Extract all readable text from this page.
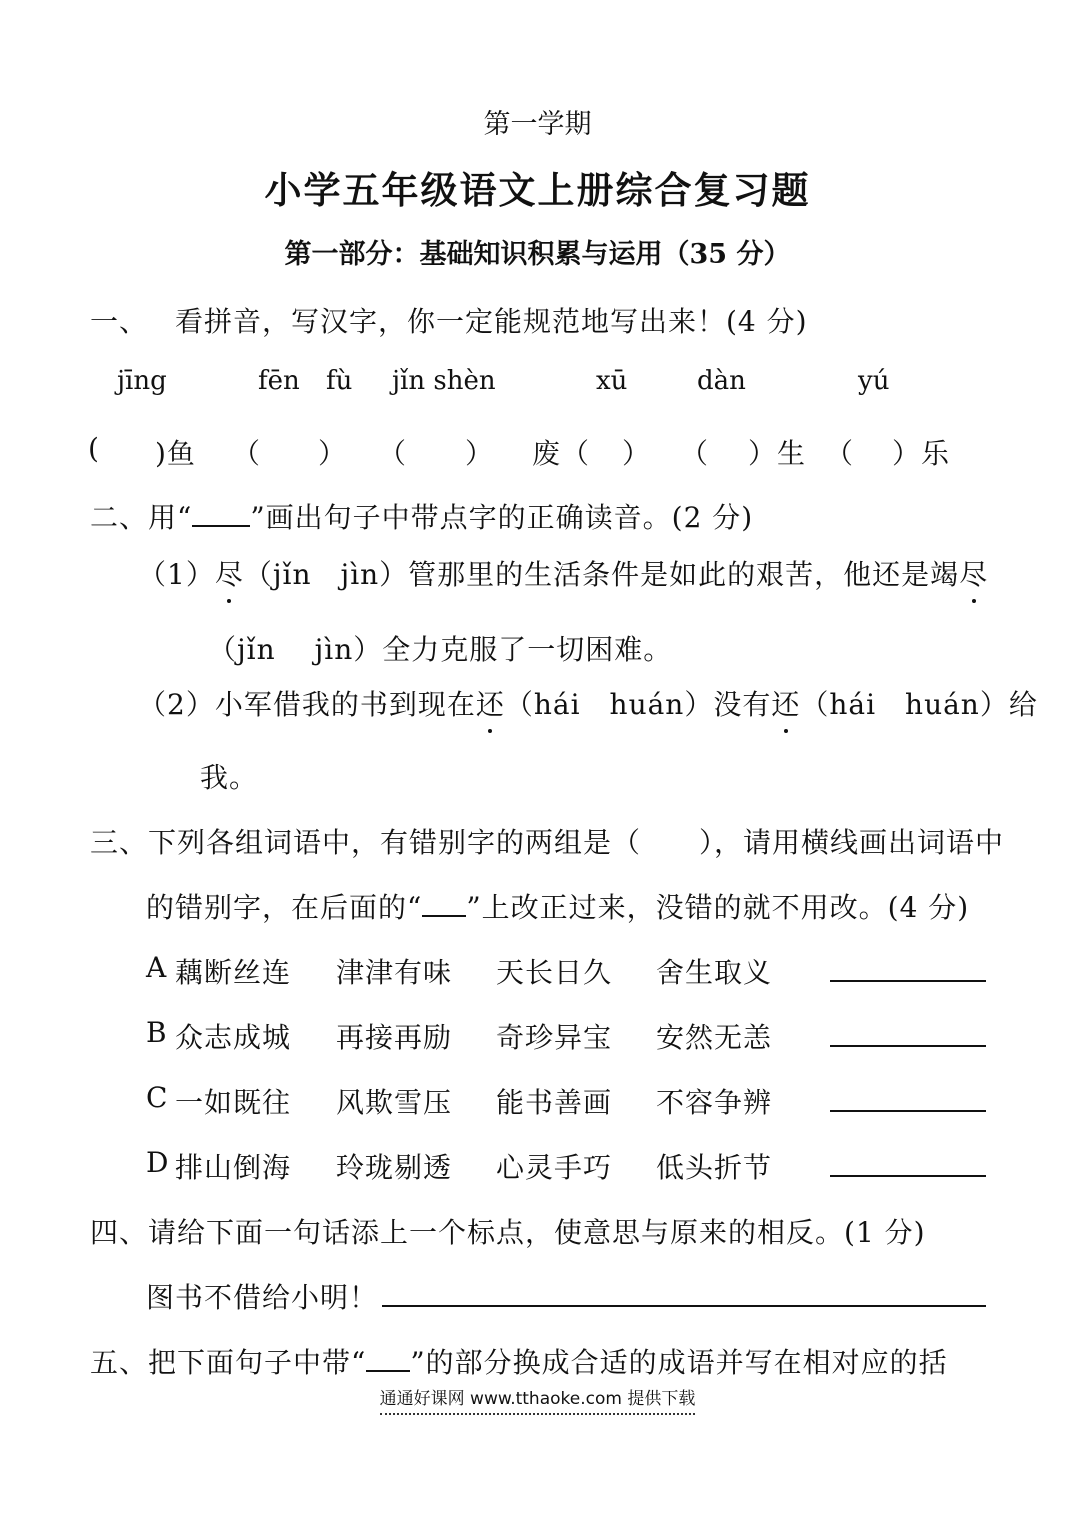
第一学期
小学五年级语文上册综合复习题
第一部分：基础知识积累与运用（35 分）
一、 看拼音，写汉字，你一定能规范地写出来！(4 分)
jīng	fēn fù jǐn shèn	xū	dàn	yú
( )鱼 （ ） （ ） 废（ ） （ ）生 （ ）乐
二、用“ ”画出句子中带点字的正确读音。(2 分)
（1）尽（jǐn　jìn）管那里的生活条件是如此的艰苦，他还是竭尽
（jǐn　 jìn）全力克服了一切困难。
（2）小军借我的书到现在还（hái　huán）没有还（hái　huán）给
我。
三、下列各组词语中，有错别字的两组是（　　），请用横线画出词语中
的错别字，在后面的“ ”上改正过来，没错的就不用改。(4 分)
A 藕断丝连 津津有味 天长日久 舍生取义
B 众志成城 再接再励 奇珍异宝 安然无恙
C 一如既往 风欺雪压 能书善画 不容争辨
D 排山倒海 玲珑剔透 心灵手巧 低头折节
四、请给下面一句话添上一个标点，使意思与原来的相反。(1 分)
图书不借给小明！
五、把下面句子中带“ ”的部分换成合适的成语并写在相对应的括
通通好课网 www.tthaoke.com 提供下载
